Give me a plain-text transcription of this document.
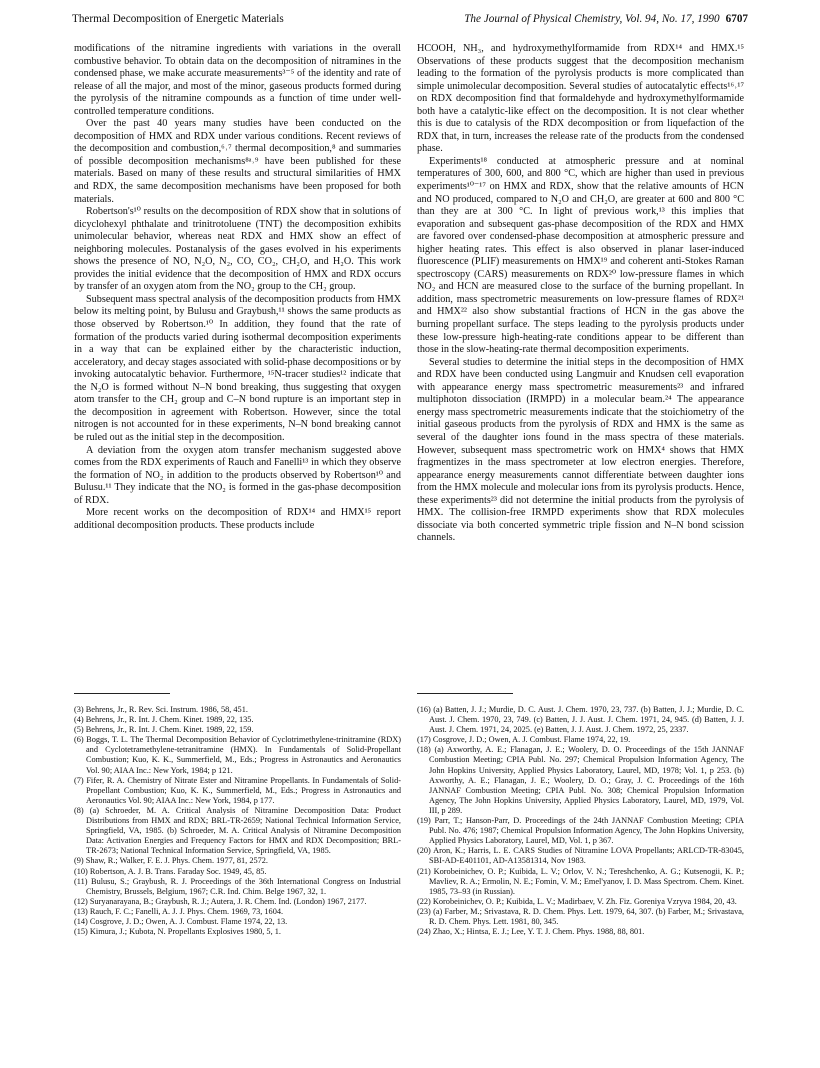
Thermal Decomposition of Energetic Materials	The Journal of Physical Chemistry, Vol. 94, No. 17, 1990 6707

modifications of the nitramine ingredients with variations in the overall combustive behavior. To obtain data on the decomposition of nitramines in the condensed phase, we make accurate measurements³⁻⁵ of the identity and rate of release of all the major, and most of the minor, gaseous products formed during the pyrolysis of the nitramine compounds as a function of time under well-controlled temperature conditions.

Over the past 40 years many studies have been conducted on the decomposition of HMX and RDX under various conditions. Recent reviews of the decomposition and combustion,⁶˒⁷ thermal decomposition,⁸ and summaries of possible decomposition mechanisms⁸ᵃ˒⁹ have been published for these materials. Based on many of these results and structural similarities of HMX and RDX, the same decomposition mechanisms have been proposed for both materials.

Robertson's¹⁰ results on the decomposition of RDX show that in solutions of dicyclohexyl phthalate and trinitrotoluene (TNT) the decomposition exhibits unimolecular behavior, whereas neat RDX and HMX show an effect of neighboring molecules. Postanalysis of the gases evolved in his experiments shows the presence of NO, N₂O, N₂, CO, CO₂, CH₂O, and H₂O. This work provides the initial evidence that the decomposition of HMX and RDX occurs by transfer of an oxygen atom from the NO₂ group to the CH₂ group.

Subsequent mass spectral analysis of the decomposition products from HMX below its melting point, by Bulusu and Graybush,¹¹ shows the same products as those observed by Robertson.¹⁰ In addition, they found that the rate of formation of the products varied during isothermal decomposition experiments in a way that can be explained either by the characteristic induction, acceleratory, and decay stages associated with solid-phase decompositions or by invoking autocatalytic behavior. Furthermore, ¹⁵N-tracer studies¹² indicate that the N₂O is formed without N–N bond breaking, thus suggesting that oxygen atom transfer to the CH₂ group and C–N bond rupture is an important step in the decomposition in agreement with Robertson. However, since the total nitrogen is not accounted for in these experiments, N–N bond breaking cannot be ruled out as the initial step in the decomposition.

A deviation from the oxygen atom transfer mechanism suggested above comes from the RDX experiments of Rauch and Fanelli¹³ in which they observe the formation of NO₂ in addition to the products observed by Robertson¹⁰ and Bulusu.¹¹ They indicate that the NO₂ is formed in the gas-phase decomposition of RDX.

More recent works on the decomposition of RDX¹⁴ and HMX¹⁵ report additional decomposition products. These products include

HCOOH, NH₃, and hydroxymethylformamide from RDX¹⁴ and HMX.¹⁵ Observations of these products suggest that the decomposition mechanism leading to the formation of the pyrolysis products is more complicated than simple unimolecular decomposition. Several studies of autocatalytic effects¹⁶˒¹⁷ on RDX decomposition find that formaldehyde and hydroxymethylformamide both have a catalytic-like effect on the decomposition. It is not clear whether this is due to catalysis of the RDX decomposition or from liquefaction of the RDX that, in turn, increases the release rate of the products from the condensed phase.

Experiments¹⁸ conducted at atmospheric pressure and at nominal temperatures of 300, 600, and 800 °C, which are higher than used in previous experiments¹⁰⁻¹⁷ on HMX and RDX, show that the relative amounts of HCN and NO produced, compared to N₂O and CH₂O, are greater at 600 and 800 °C than they are at 300 °C. In light of previous work,¹³ this implies that evaporation and subsequent gas-phase decomposition of the RDX and HMX are favored over condensed-phase decomposition at atmospheric pressure and higher heating rates. This effect is also observed in planar laser-induced fluorescence (PLIF) measurements on HMX¹⁹ and coherent anti-Stokes Raman spectroscopy (CARS) measurements on RDX²⁰ low-pressure flames in which NO₂ and HCN are measured close to the surface of the burning propellant. In addition, mass spectrometric measurements on low-pressure flames of RDX²¹ and HMX²² also show substantial fractions of HCN in the gas above the burning propellant surface. The steps leading to the pyrolysis products under these low-pressure high-heating-rate conditions appear to be different than those in the slow-heating-rate thermal decomposition experiments.

Several studies to determine the initial steps in the decomposition of HMX and RDX have been conducted using Langmuir and Knudsen cell evaporation with appearance energy mass spectrometric measurements²³ and infrared multiphoton dissociation (IRMPD) in a molecular beam.²⁴ The appearance energy mass spectrometric measurements indicate that the stoichiometry of the initial gaseous products from the pyrolysis of RDX and HMX is the same as several of the daughter ions found in the mass spectra of these materials. However, subsequent mass spectrometric work on HMX⁴ shows that HMX fragmentizes in the mass spectrometer at low electron energies. Therefore, appearance energy measurements cannot differentiate between daughter ions from the HMX molecule and molecular ions from its pyrolysis products. Hence, these experiments²³ did not determine the initial products from the pyrolysis of HMX. The collision-free IRMPD experiments show that RDX molecules dissociate via both concerted symmetric triple fission and N–N bond scission channels.

(3) Behrens, Jr., R. Rev. Sci. Instrum. 1986, 58, 451.

(4) Behrens, Jr., R. Int. J. Chem. Kinet. 1989, 22, 135.

(5) Behrens, Jr., R. Int. J. Chem. Kinet. 1989, 22, 159.

(6) Boggs, T. L. The Thermal Decomposition Behavior of Cyclotrimethylene-trinitramine (RDX) and Cyclotetramethylene-tetranitramine (HMX). In Fundamentals of Solid-Propellant Combustion; Kuo, K. K., Summerfield, M., Eds.; Progress in Astronautics and Aeronautics Vol. 90; AIAA Inc.: New York, 1984; p 121.

(7) Fifer, R. A. Chemistry of Nitrate Ester and Nitramine Propellants. In Fundamentals of Solid-Propellant Combustion; Kuo, K. K., Summerfield, M., Eds.; Progress in Astronautics and Aeronautics Vol. 90; AIAA Inc.: New York, 1984, p 177.

(8) (a) Schroeder, M. A. Critical Analysis of Nitramine Decomposition Data: Product Distributions from HMX and RDX; BRL-TR-2659; National Technical Information Service, Springfield, VA, 1985. (b) Schroeder, M. A. Critical Analysis of Nitramine Decomposition Data: Activation Energies and Frequency Factors for HMX and RDX Decomposition; BRL-TR-2673; National Technical Information Service, Springfield, VA, 1985.

(9) Shaw, R.; Walker, F. E. J. Phys. Chem. 1977, 81, 2572.

(10) Robertson, A. J. B. Trans. Faraday Soc. 1949, 45, 85.

(11) Bulusu, S.; Graybush, R. J. Proceedings of the 36th International Congress on Industrial Chemistry, Brussels, Belgium, 1967; C.R. Ind. Chim. Belge 1967, 32, 1.

(12) Suryanarayana, B.; Graybush, R. J.; Autera, J. R. Chem. Ind. (London) 1967, 2177.

(13) Rauch, F. C.; Fanelli, A. J. J. Phys. Chem. 1969, 73, 1604.

(14) Cosgrove, J. D.; Owen, A. J. Combust. Flame 1974, 22, 13.

(15) Kimura, J.; Kubota, N. Propellants Explosives 1980, 5, 1.

(16) (a) Batten, J. J.; Murdie, D. C. Aust. J. Chem. 1970, 23, 737. (b) Batten, J. J.; Murdie, D. C. Aust. J. Chem. 1970, 23, 749. (c) Batten, J. J. Aust. J. Chem. 1971, 24, 945. (d) Batten, J. J. Aust. J. Chem. 1971, 24, 2025. (e) Batten, J. J. Aust. J. Chem. 1972, 25, 2337.

(17) Cosgrove, J. D.; Owen, A. J. Combust. Flame 1974, 22, 19.

(18) (a) Axworthy, A. E.; Flanagan, J. E.; Woolery, D. O. Proceedings of the 15th JANNAF Combustion Meeting; CPIA Publ. No. 297; Chemical Propulsion Information Agency, The John Hopkins University, Applied Physics Laboratory, Laurel, MD, 1978; Vol. 1, p 253. (b) Axworthy, A. E.; Flanagan, J. E.; Woolery, D. O.; Gray, J. C. Proceedings of the 16th JANNAF Combustion Meeting; CPIA Publ. No. 308; Chemical Propulsion Information Agency, The John Hopkins University, Applied Physics Laboratory, Laurel, MD, 1979, Vol. III, p 289.

(19) Parr, T.; Hanson-Parr, D. Proceedings of the 24th JANNAF Combustion Meeting; CPIA Publ. No. 476; 1987; Chemical Propulsion Information Agency, The John Hopkins University, Applied Physics Laboratory, Laurel, MD, Vol. 1, p 367.

(20) Aron, K.; Harris, L. E. CARS Studies of Nitramine LOVA Propellants; ARLCD-TR-83045, SBI-AD-E401101, AD-A13581314, Nov 1983.

(21) Korobeinichev, O. P.; Kuibida, L. V.; Orlov, V. N.; Tereshchenko, A. G.; Kutsenogii, K. P.; Mavliev, R. A.; Ermolin, N. E.; Fomin, V. M.; Emel'yanov, I. D. Mass Spectrom. Chem. Kinet. 1985, 73–93 (in Russian).

(22) Korobeinichev, O. P.; Kuibida, L. V.; Madirbaev, V. Zh. Fiz. Goreniya Vzryva 1984, 20, 43.

(23) (a) Farber, M.; Srivastava, R. D. Chem. Phys. Lett. 1979, 64, 307. (b) Farber, M.; Srivastava, R. D. Chem. Phys. Lett. 1981, 80, 345.

(24) Zhao, X.; Hintsa, E. J.; Lee, Y. T. J. Chem. Phys. 1988, 88, 801.
